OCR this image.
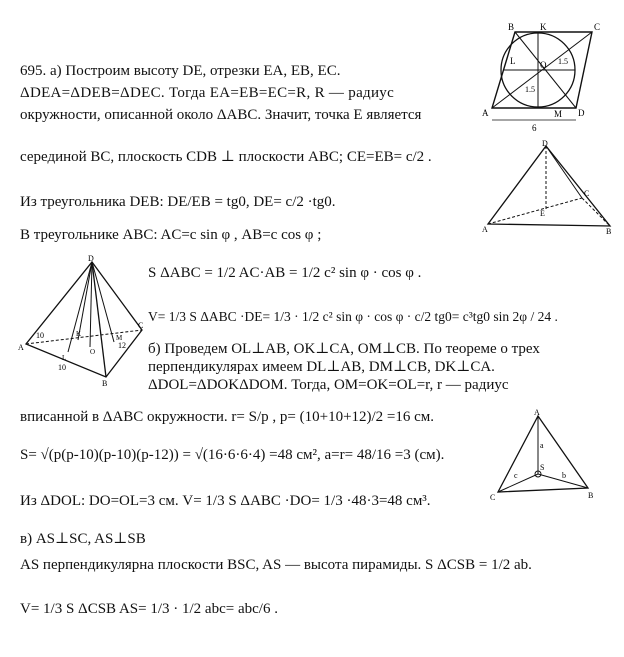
695. а) Построим высоту DE, отрезки EA, EB, EC.
ΔDEA=ΔDEB=ΔDEC. Тогда EA=EB=EC=R, R — радиус
окружности, описанной около ΔABC. Значит, точка E является
серединой BC, плоскость CDB ⊥ плоскости ABC; CE=EB= c/2 .
Из треугольника DEB: DE/EB = tg0, DE= c/2 ·tg0.
В треугольнике ABC: AC=c sin φ , AB=c cos φ ;
S ΔABC = 1/2 AC·AB = 1/2 c² sin φ · cos φ .
V= 1/3 S ΔABC ·DE= 1/3 · 1/2 c² sin φ · cos φ · c/2 tg0= c³tg0 sin 2φ / 24 .
б) Проведем OL⊥AB, OK⊥CA, OM⊥CB. По теореме о трех
перпендикулярах имеем DL⊥AB, DM⊥CB, DK⊥CA.
ΔDOL=ΔDOKΔDOM. Тогда, OM=OK=OL=r, r — радиус
вписанной в ΔABC окружности. r= S/p , p= (10+10+12)/2 =16 см.
S= √(p(p-10)(p-10)(p-12)) = √(16·6·6·4) =48 см², a=r= 48/16 =3 (см).
Из ΔDOL: DO=OL=3 см. V= 1/3 S ΔABC ·DO= 1/3 ·48·3=48 см³.
в) AS⊥SC, AS⊥SB
AS перпендикулярна плоскости BSC, AS — высота пирамиды. S ΔCSB = 1/2 ab.
V= 1/3 S ΔCSB AS= 1/3 · 1/2 abc= abc/6 .
B	K	C
L	O 1.5
1.5
A	M D
6
D
C
E
B
A
D
10
12
10
A
B
C
L
K	M
O
A
S
C	B
a
b
c
